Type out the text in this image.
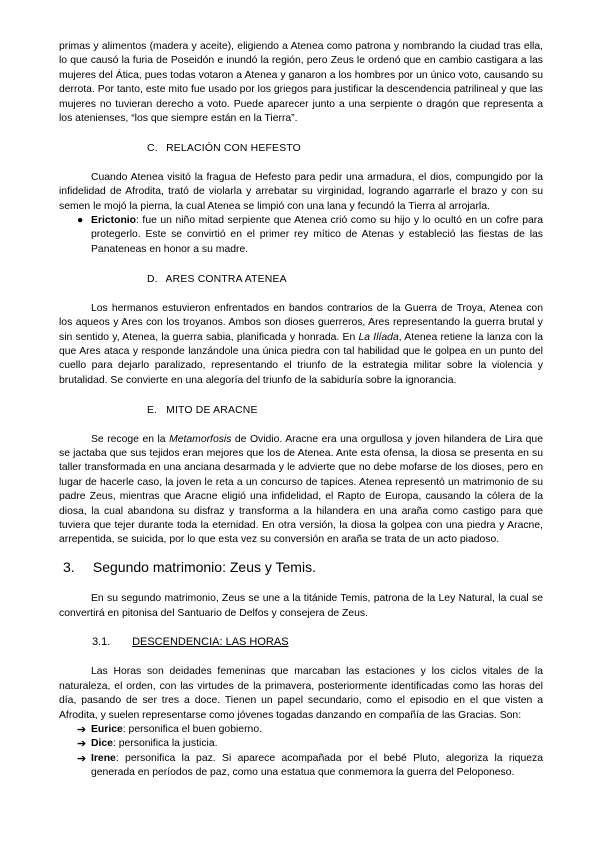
primas y alimentos (madera y aceite), eligiendo a Atenea como patrona y nombrando la ciudad tras ella, lo que causó la furia de Poseidón e inundó la región, pero Zeus le ordenó que en cambio castigara a las mujeres del Ática, pues todas votaron a Atenea y ganaron a los hombres por un único voto, causando su derrota. Por tanto, este mito fue usado por los griegos para justificar la descendencia patrilineal y que las mujeres no tuvieran derecho a voto. Puede aparecer junto a una serpiente o dragón que representa a los atenienses, “los que siempre están en la Tierra”.

C. RELACIÓN CON HEFESTO

Cuando Atenea visitó la fragua de Hefesto para pedir una armadura, el dios, compungido por la infidelidad de Afrodita, trató de violarla y arrebatar su virginidad, logrando agarrarle el brazo y con su semen le mojó la pierna, la cual Atenea se limpió con una lana y fecundó la Tierra al arrojarla.

● Erictonio: fue un niño mitad serpiente que Atenea crió como su hijo y lo ocultó en un cofre para protegerlo. Este se convirtió en el primer rey mítico de Atenas y estableció las fiestas de las Panateneas en honor a su madre.
D. ARES CONTRA ATENEA

Los hermanos estuvieron enfrentados en bandos contrarios de la Guerra de Troya, Atenea con los aqueos y Ares con los troyanos. Ambos son dioses guerreros, Ares representando la guerra brutal y sin sentido y, Atenea, la guerra sabia, planificada y honrada. En La Ilíada, Atenea retiene la lanza con la que Ares ataca y responde lanzándole una única piedra con tal habilidad que le golpea en un punto del cuello para dejarlo paralizado, representando el triunfo de la estrategia militar sobre la violencia y brutalidad. Se convierte en una alegoría del triunfo de la sabiduría sobre la ignorancia.

E. MITO DE ARACNE

Se recoge en la Metamorfosis de Ovidio. Aracne era una orgullosa y joven hilandera de Lira que se jactaba que sus tejidos eran mejores que los de Atenea. Ante esta ofensa, la diosa se presenta en su taller transformada en una anciana desarmada y le advierte que no debe mofarse de los dioses, pero en lugar de hacerle caso, la joven le reta a un concurso de tapices. Atenea representó un matrimonio de su padre Zeus, mientras que Aracne eligió una infidelidad, el Rapto de Europa, causando la cólera de la diosa, la cual abandona su disfraz y transforma a la hilandera en una araña como castigo para que tuviera que tejer durante toda la eternidad. En otra versión, la diosa la golpea con una piedra y Aracne, arrepentida, se suicida, por lo que esta vez su conversión en araña se trata de un acto piadoso.

3. Segundo matrimonio: Zeus y Temis.

En su segundo matrimonio, Zeus se une a la titánide Temis, patrona de la Ley Natural, la cual se convertirá en pitonisa del Santuario de Delfos y consejera de Zeus.

3.1. DESCENDENCIA: LAS HORAS

Las Horas son deidades femeninas que marcaban las estaciones y los ciclos vitales de la naturaleza, el orden, con las virtudes de la primavera, posteriormente identificadas como las horas del día, pasando de ser tres a doce. Tienen un papel secundario, como el episodio en el que visten a Afrodita, y suelen representarse como jóvenes togadas danzando en compañía de las Gracias. Son:

➔ Eurice: personifica el buen gobierno.
➔ Dice: personifica la justicia.
➔ Irene: personifica la paz. Si aparece acompañada por el bebé Pluto, alegoriza la riqueza generada en períodos de paz, como una estatua que conmemora la guerra del Peloponeso.
